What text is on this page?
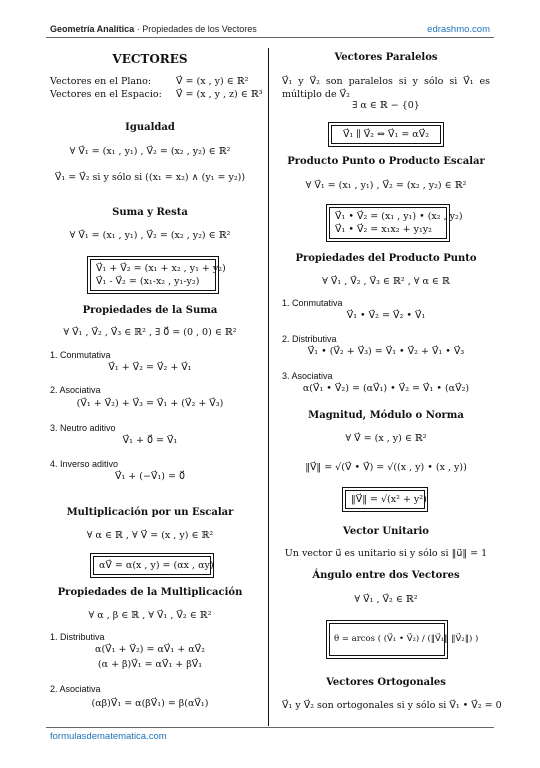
Geometría Analítica · Propiedades de los Vectores	edrashmo.com
formulasdematematica.com
VECTORES
Vectores en el Plano:	V⃗ = (x , y) ∈ ℝ²
Vectores en el Espacio: V⃗ = (x , y , z) ∈ ℝ³
Igualdad
∀ V⃗₁ = (x₁ , y₁) , V⃗₂ = (x₂ , y₂) ∈ ℝ²
V⃗₁ = V⃗₂ si y sólo si ((x₁ = x₂) ∧ (y₁ = y₂))
Suma y Resta
∀ V⃗₁ = (x₁ , y₁) , V⃗₂ = (x₂ , y₂) ∈ ℝ²
V⃗₁ + V⃗₂ = (x₁ + x₂ , y₁ + y₂)
V⃗₁ - V⃗₂ = (x₁-x₂ , y₁-y₂)
Propiedades de la Suma
∀ V⃗₁ , V⃗₂ , V⃗₃ ∈ ℝ² , ∃ 0⃗ = (0 , 0) ∈ ℝ²
1. Conmutativa
V⃗₁ + V⃗₂ = V⃗₂ + V⃗₁
2. Asociativa
(V⃗₁ + V⃗₂) + V⃗₃ = V⃗₁ + (V⃗₂ + V⃗₃)
3. Neutro aditivo
V⃗₁ + 0⃗ = V⃗₁
4. Inverso aditivo
V⃗₁ + (−V⃗₁) = 0⃗
Multiplicación por un Escalar
∀ α ∈ ℝ , ∀ V⃗ = (x , y) ∈ ℝ²
αV⃗ = α(x , y) = (αx , αy)
Propiedades de la Multiplicación
∀ α , β ∈ ℝ , ∀ V⃗₁ , V⃗₂ ∈ ℝ²
1. Distributiva
α(V⃗₁ + V⃗₂) = αV⃗₁ + αV⃗₂
(α + β)V⃗₁ = αV⃗₁ + βV⃗₁
2. Asociativa
(αβ)V⃗₁ = α(βV⃗₁) = β(αV⃗₁)
Vectores Paralelos
V⃗₁ y V⃗₂ son paralelos si y sólo si V⃗₁ es múltiplo de V⃗₂
∃ α ∈ ℝ − {0}
V⃗₁ ∥ V⃗₂ ⇔ V⃗₁ = αV⃗₂
Producto Punto o Producto Escalar
∀ V⃗₁ = (x₁ , y₁) , V⃗₂ = (x₂ , y₂) ∈ ℝ²
V⃗₁ • V⃗₂ = (x₁ , y₁) • (x₂ , y₂)
V⃗₁ • V⃗₂ = x₁x₂ + y₁y₂
Propiedades del Producto Punto
∀ V⃗₁ , V⃗₂ , V⃗₃ ∈ ℝ² , ∀ α ∈ ℝ
1. Conmutativa
V⃗₁ • V⃗₂ = V⃗₂ • V⃗₁
2. Distributiva
V⃗₁ • (V⃗₂ + V⃗₃) = V⃗₁ • V⃗₂ + V⃗₁ • V⃗₃
3. Asociativa
α(V⃗₁ • V⃗₂) = (αV⃗₁) • V⃗₂ = V⃗₁ • (αV⃗₂)
Magnitud, Módulo o Norma
∀ V⃗ = (x , y) ∈ ℝ²
‖V⃗‖ = √(V⃗ • V⃗) = √((x , y) • (x , y))
‖V⃗‖ = √(x² + y²)
Vector Unitario
Un vector u⃗ es unitario si y sólo si ‖u⃗‖ = 1
Ángulo entre dos Vectores
∀ V⃗₁ , V⃗₂ ∈ ℝ²
θ = arcos ( (V⃗₁ • V⃗₂) / (‖V⃗₁‖ ‖V⃗₂‖) )
Vectores Ortogonales
V⃗₁ y V⃗₂ son ortogonales si y sólo si V⃗₁ • V⃗₂ = 0
